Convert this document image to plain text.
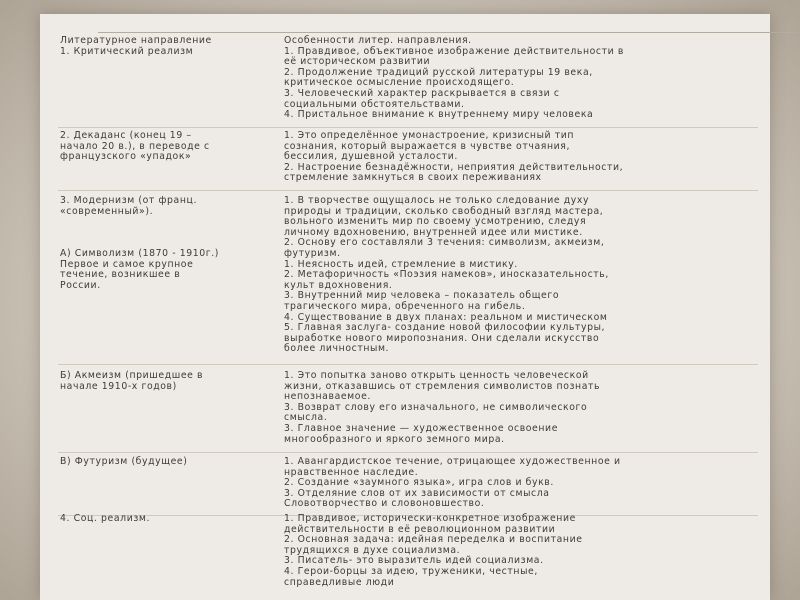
Литературное направление
1. Критический реализм
Особенности литер. направления.
1. Правдивое, объективное изображение действительности в
её историческом развитии
2. Продолжение традиций русской литературы 19 века,
критическое осмысление происходящего.
3. Человеческий характер раскрывается в связи с
социальными обстоятельствами.
4. Пристальное внимание к внутреннему миру человека
2. Декаданс (конец 19 –
начало 20 в.), в переводе с
французского «упадок»
1. Это определённое умонастроение, кризисный тип
сознания, который выражается в чувстве отчаяния,
бессилия, душевной усталости.
2. Настроение безнадёжности, неприятия действительности,
стремление замкнуться в своих переживаниях
3. Модернизм (от франц.
«современный»).

А) Символизм (1870 - 1910г.)
Первое и самое крупное
течение, возникшее в
России.
1. В творчестве ощущалось не только следование духу
природы и традиции, сколько свободный взгляд мастера,
вольного изменить мир по своему усмотрению, следуя
личному вдохновению, внутренней идее или мистике.
2. Основу его составляли 3 течения: символизм, акмеизм,
футуризм.
1. Неясность идей, стремление в мистику.
2. Метафоричность «Поэзия намеков», иносказательность,
культ вдохновения.
3. Внутренний мир человека – показатель общего
трагического мира, обреченного на гибель.
4. Существование в двух планах: реальном и мистическом
5. Главная заслуга- создание новой философии культуры,
выработке нового миропознания. Они сделали искусство
более личностным.
Б) Акмеизм (пришедшее в
начале 1910-х годов)
1. Это попытка заново открыть ценность человеческой
жизни, отказавшись от стремления символистов познать
непознаваемое.
3. Возврат слову его изначального, не символического
смысла.
3. Главное значение — художественное освоение
многообразного и яркого земного мира.
В) Футуризм (будущее)	1. Авангардистское течение, отрицающее художественное и
нравственное наследие.
2. Создание «зaумного языка», игра слов и букв.
3. Отделяние слов от их зависимости от смысла
Словотворчество и словоновшество.
4. Соц. реализм.	1. Правдивое, исторически-конкретное изображение
действительности в её революционном развитии
2. Основная задача: идейная переделка и воспитание
трудящихся в духе социализма.
3. Писатель- это выразитель идей социализма.
4. Герои-борцы за идею, труженики, честные,
справедливые люди
